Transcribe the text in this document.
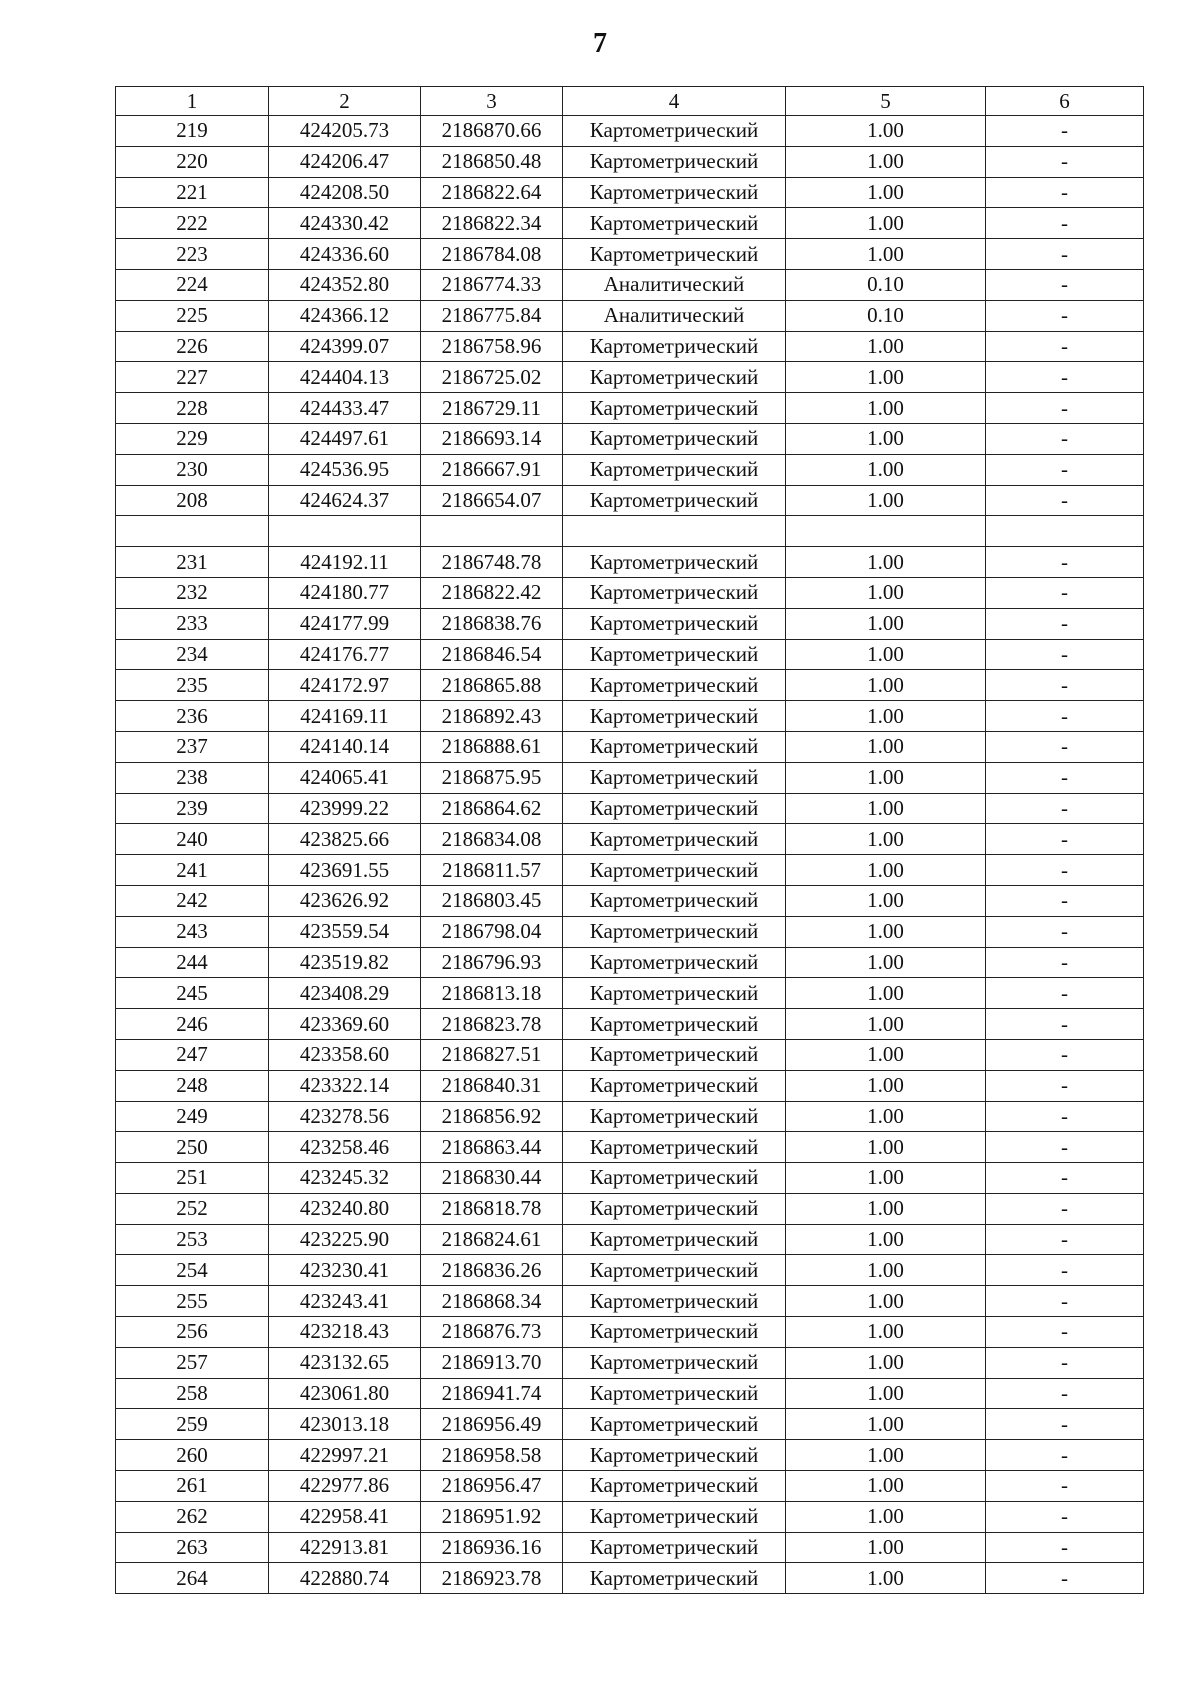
7
1	2	3	4	5	6
219	424205.73	2186870.66	Картометрический	1.00	-
220	424206.47	2186850.48	Картометрический	1.00	-
221	424208.50	2186822.64	Картометрический	1.00	-
222	424330.42	2186822.34	Картометрический	1.00	-
223	424336.60	2186784.08	Картометрический	1.00	-
224	424352.80	2186774.33	Аналитический	0.10	-
225	424366.12	2186775.84	Аналитический	0.10	-
226	424399.07	2186758.96	Картометрический	1.00	-
227	424404.13	2186725.02	Картометрический	1.00	-
228	424433.47	2186729.11	Картометрический	1.00	-
229	424497.61	2186693.14	Картометрический	1.00	-
230	424536.95	2186667.91	Картометрический	1.00	-
208	424624.37	2186654.07	Картометрический	1.00	-

231	424192.11	2186748.78	Картометрический	1.00	-
232	424180.77	2186822.42	Картометрический	1.00	-
233	424177.99	2186838.76	Картометрический	1.00	-
234	424176.77	2186846.54	Картометрический	1.00	-
235	424172.97	2186865.88	Картометрический	1.00	-
236	424169.11	2186892.43	Картометрический	1.00	-
237	424140.14	2186888.61	Картометрический	1.00	-
238	424065.41	2186875.95	Картометрический	1.00	-
239	423999.22	2186864.62	Картометрический	1.00	-
240	423825.66	2186834.08	Картометрический	1.00	-
241	423691.55	2186811.57	Картометрический	1.00	-
242	423626.92	2186803.45	Картометрический	1.00	-
243	423559.54	2186798.04	Картометрический	1.00	-
244	423519.82	2186796.93	Картометрический	1.00	-
245	423408.29	2186813.18	Картометрический	1.00	-
246	423369.60	2186823.78	Картометрический	1.00	-
247	423358.60	2186827.51	Картометрический	1.00	-
248	423322.14	2186840.31	Картометрический	1.00	-
249	423278.56	2186856.92	Картометрический	1.00	-
250	423258.46	2186863.44	Картометрический	1.00	-
251	423245.32	2186830.44	Картометрический	1.00	-
252	423240.80	2186818.78	Картометрический	1.00	-
253	423225.90	2186824.61	Картометрический	1.00	-
254	423230.41	2186836.26	Картометрический	1.00	-
255	423243.41	2186868.34	Картометрический	1.00	-
256	423218.43	2186876.73	Картометрический	1.00	-
257	423132.65	2186913.70	Картометрический	1.00	-
258	423061.80	2186941.74	Картометрический	1.00	-
259	423013.18	2186956.49	Картометрический	1.00	-
260	422997.21	2186958.58	Картометрический	1.00	-
261	422977.86	2186956.47	Картометрический	1.00	-
262	422958.41	2186951.92	Картометрический	1.00	-
263	422913.81	2186936.16	Картометрический	1.00	-
264	422880.74	2186923.78	Картометрический	1.00	-
